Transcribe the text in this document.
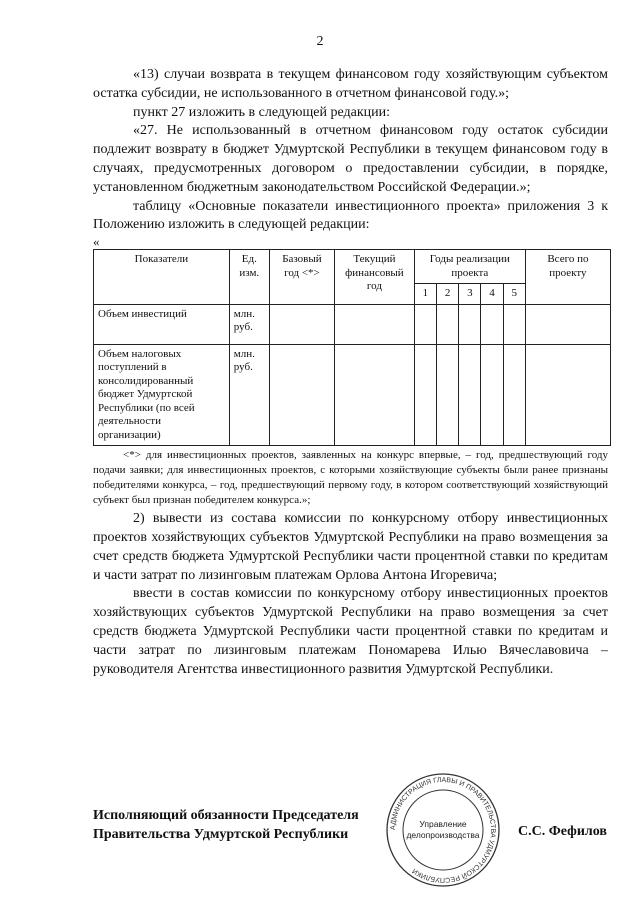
2

«13) случаи возврата в текущем финансовом году хозяйствующим субъектом остатка субсидии, не использованного в отчетном финансовой году.»;

пункт 27 изложить в следующей редакции:

«27. Не использованный в отчетном финансовом году остаток субсидии подлежит возврату в бюджет Удмуртской Республики в текущем финансовом году в случаях, предусмотренных договором о предоставлении субсидии, в порядке, установленном бюджетным законодательством Российской Федерации.»;

таблицу «Основные показатели инвестиционного проекта» приложения 3 к Положению изложить в следующей редакции:

«

Показатели	Ед. изм.	Базовый год <*>	Текущий финансовый год	Годы реализации проекта					Всего по проекту
				1	2	3	4	5	
Объем инвестиций	млн. руб.								
Объем налоговых поступлений в консолидированный бюджет Удмуртской Республики (по всей деятельности организации)	млн. руб.								

<*> для инвестиционных проектов, заявленных на конкурс впервые, – год, предшествующий году подачи заявки; для инвестиционных проектов, с которыми хозяйствующие субъекты были ранее признаны победителями конкурса, – год, предшествующий первому году, в котором соответствующий хозяйствующий субъект был признан победителем конкурса.»;

2) вывести из состава комиссии по конкурсному отбору инвестиционных проектов хозяйствующих субъектов Удмуртской Республики на право возмещения за счет средств бюджета Удмуртской Республики части процентной ставки по кредитам и части затрат по лизинговым платежам Орлова Антона Игоревича;

ввести в состав комиссии по конкурсному отбору инвестиционных проектов хозяйствующих субъектов Удмуртской Республики на право возмещения за счет средств бюджета Удмуртской Республики части процентной ставки по кредитам и части затрат по лизинговым платежам Пономарева Илью Вячеславовича – руководителя Агентства инвестиционного развития Удмуртской Республики.

АДМИНИСТРАЦИЯ ГЛАВЫ И ПРАВИТЕЛЬСТВА УДМУРТСКОЙ РЕСПУБЛИКИ
Управление
делопроизводства
Исполняющий обязанности Председателя
Правительства Удмуртской Республики	С.С. Фефилов
